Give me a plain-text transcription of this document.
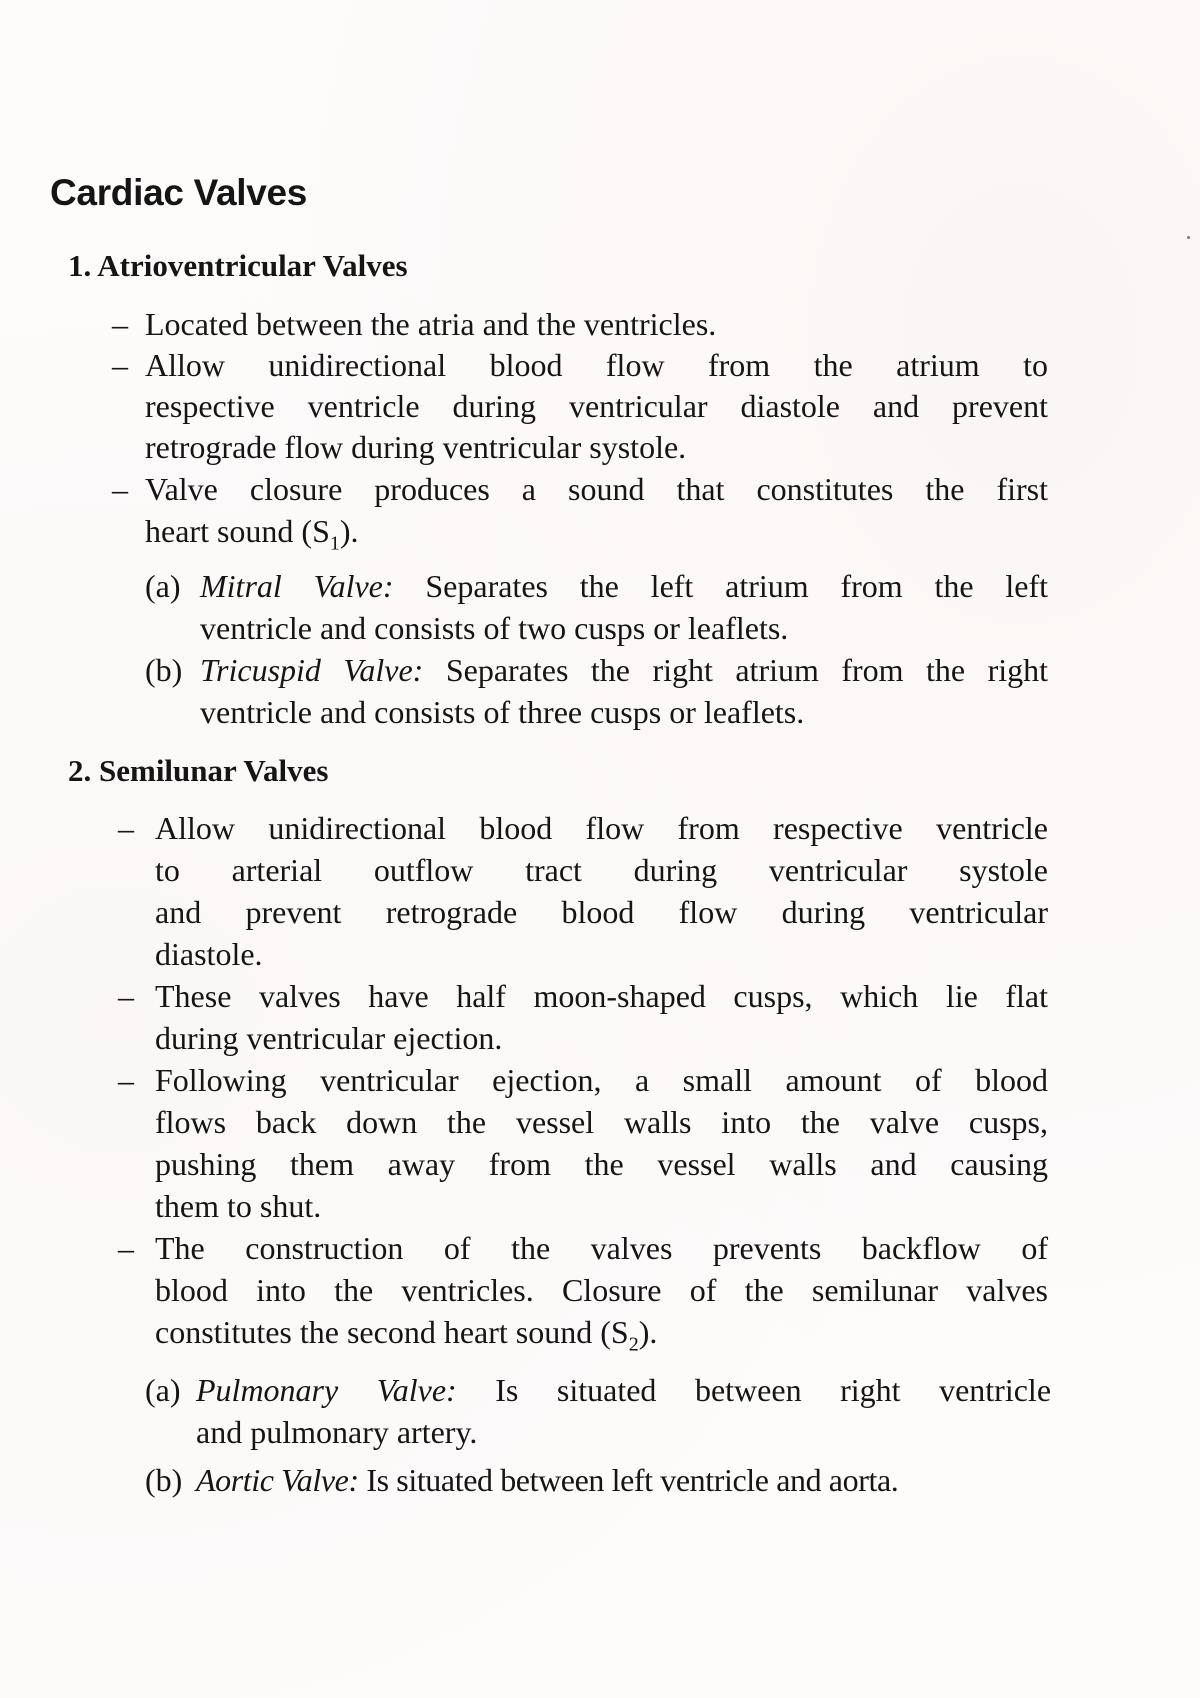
Cardiac Valves
1. Atrioventricular Valves
– Located between the atria and the ventricles.

– Allow unidirectional blood flow from the atrium to

respective ventricle during ventricular diastole and prevent

retrograde flow during ventricular systole.

– Valve closure produces a sound that constitutes the first

heart sound $(S_1)$.

(a) Mitral Valve: Separates the left atrium from the left

ventricle and consists of two cusps or leaflets.

(b) Tricuspid Valve: Separates the right atrium from the right

ventricle and consists of three cusps or leaflets.

2. Semilunar Valves
– Allow unidirectional blood flow from respective ventricle

to arterial outflow tract during ventricular systole

and prevent retrograde blood flow during ventricular

diastole.

– These valves have half moon-shaped cusps, which lie flat

during ventricular ejection.

– Following ventricular ejection, a small amount of blood

flows back down the vessel walls into the valve cusps,

pushing them away from the vessel walls and causing

them to shut.

– The construction of the valves prevents backflow of

blood into the ventricles. Closure of the semilunar valves

constitutes the second heart sound $(S_2)$.

(a) Pulmonary Valve: Is situated between right ventricle

and pulmonary artery.

(b) Aortic Valve: Is situated between left ventricle and aorta.
